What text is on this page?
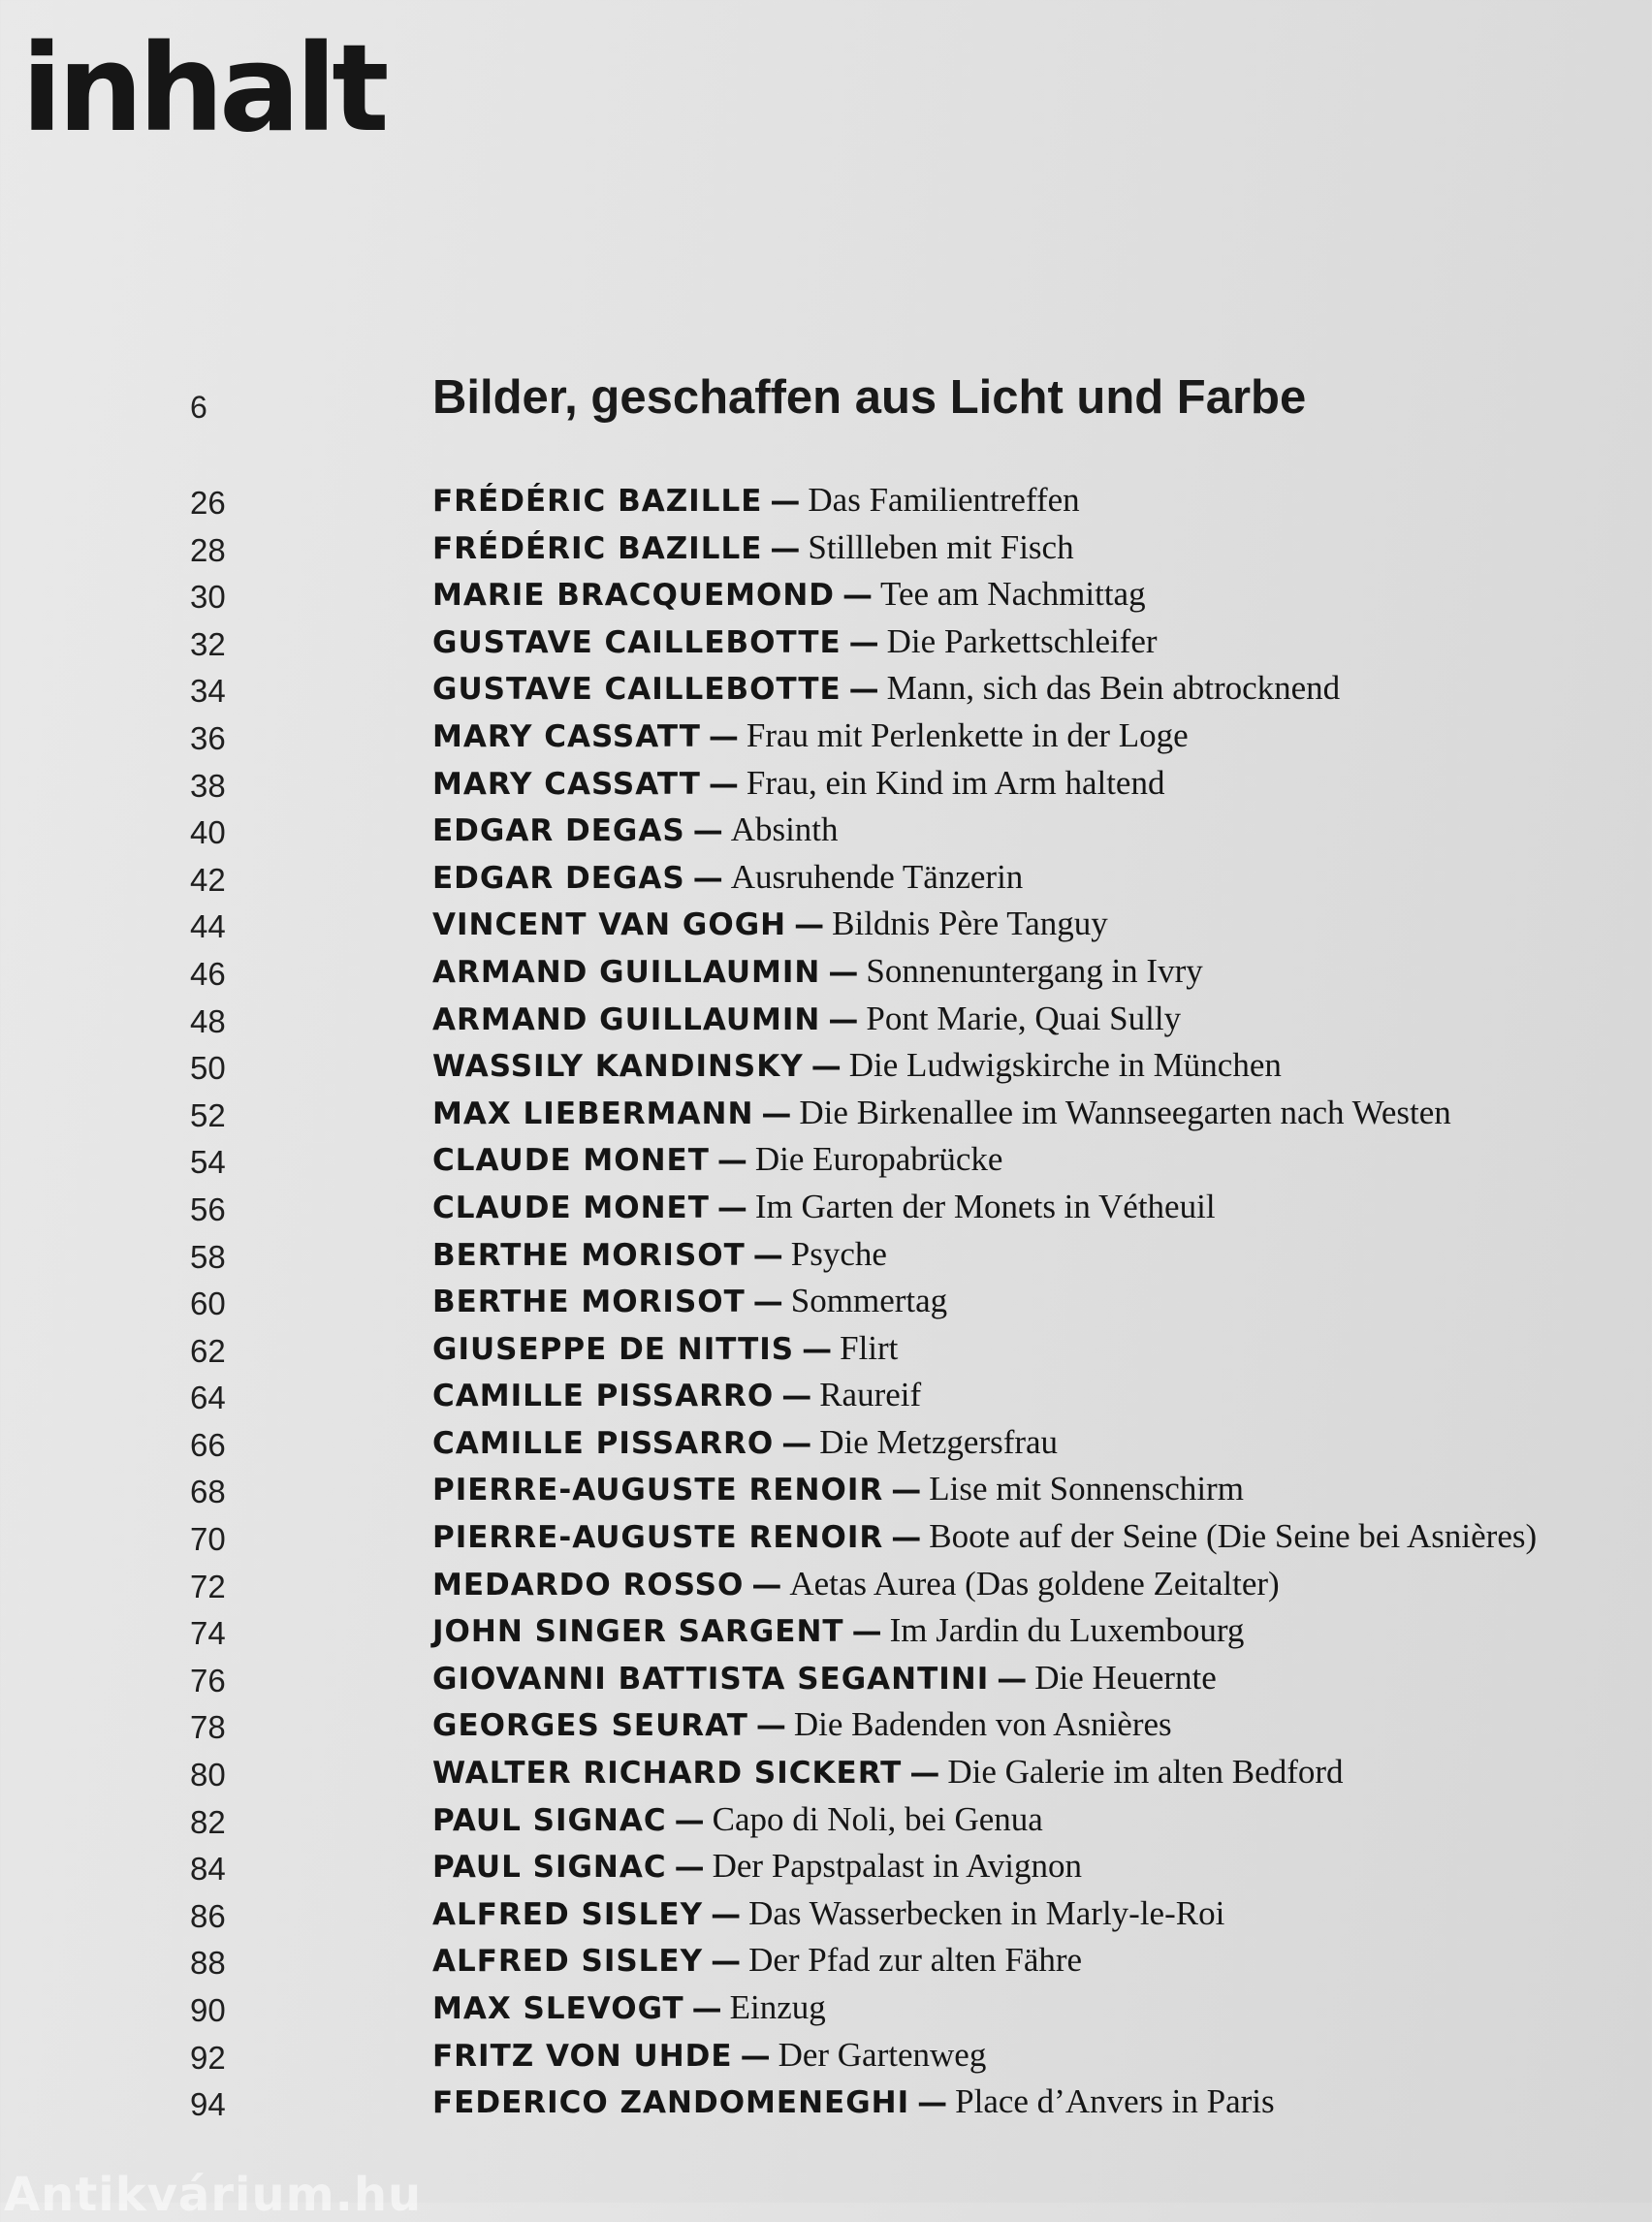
inhalt
6	Bilder, geschaffen aus Licht und Farbe
26	FRÉDÉRIC BAZILLE — Das Familientreffen
28	FRÉDÉRIC BAZILLE — Stillleben mit Fisch
30	MARIE BRACQUEMOND — Tee am Nachmittag
32	GUSTAVE CAILLEBOTTE — Die Parkettschleifer
34	GUSTAVE CAILLEBOTTE — Mann, sich das Bein abtrocknend
36	MARY CASSATT — Frau mit Perlenkette in der Loge
38	MARY CASSATT — Frau, ein Kind im Arm haltend
40	EDGAR DEGAS — Absinth
42	EDGAR DEGAS — Ausruhende Tänzerin
44	VINCENT VAN GOGH — Bildnis Père Tanguy
46	ARMAND GUILLAUMIN — Sonnenuntergang in Ivry
48	ARMAND GUILLAUMIN — Pont Marie, Quai Sully
50	WASSILY KANDINSKY — Die Ludwigskirche in München
52	MAX LIEBERMANN — Die Birkenallee im Wannseegarten nach Westen
54	CLAUDE MONET — Die Europabrücke
56	CLAUDE MONET — Im Garten der Monets in Vétheuil
58	BERTHE MORISOT — Psyche
60	BERTHE MORISOT — Sommertag
62	GIUSEPPE DE NITTIS — Flirt
64	CAMILLE PISSARRO — Raureif
66	CAMILLE PISSARRO — Die Metzgersfrau
68	PIERRE-AUGUSTE RENOIR — Lise mit Sonnenschirm
70	PIERRE-AUGUSTE RENOIR — Boote auf der Seine (Die Seine bei Asnières)
72	MEDARDO ROSSO — Aetas Aurea (Das goldene Zeitalter)
74	JOHN SINGER SARGENT — Im Jardin du Luxembourg
76	GIOVANNI BATTISTA SEGANTINI — Die Heuernte
78	GEORGES SEURAT — Die Badenden von Asnières
80	WALTER RICHARD SICKERT — Die Galerie im alten Bedford
82	PAUL SIGNAC — Capo di Noli, bei Genua
84	PAUL SIGNAC — Der Papstpalast in Avignon
86	ALFRED SISLEY — Das Wasserbecken in Marly-le-Roi
88	ALFRED SISLEY — Der Pfad zur alten Fähre
90	MAX SLEVOGT — Einzug
92	FRITZ VON UHDE — Der Gartenweg
94	FEDERICO ZANDOMENEGHI — Place d’Anvers in Paris
Antikvárium.hu
